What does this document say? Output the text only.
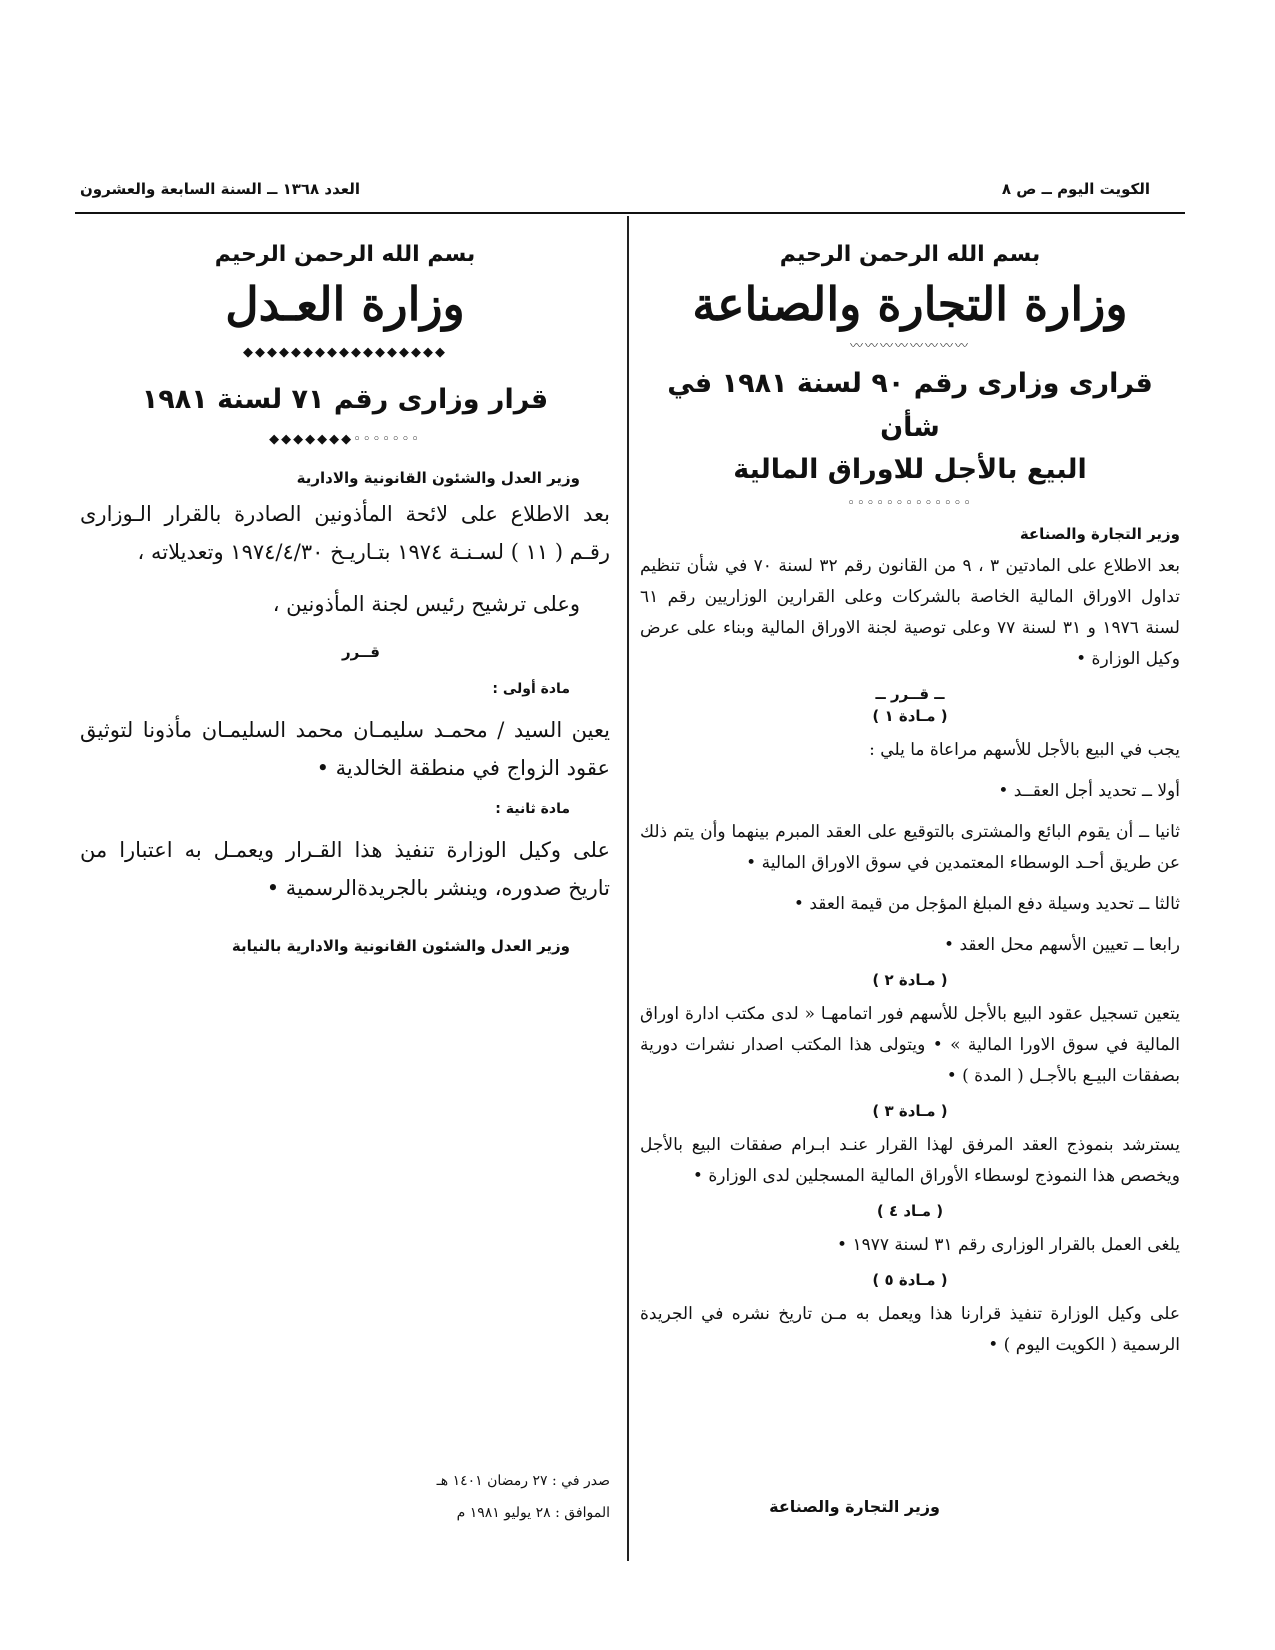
الكويت اليوم ــ ص ٨
العدد ١٣٦٨ ــ السنة السابعة والعشرون
بسم الله الرحمن الرحيم
وزارة التجارة والصناعة
〰〰〰〰〰〰〰〰
قراری وزاری رقم ٩٠ لسنة ١٩٨١ في شأن
البيع بالأجل للاوراق المالية
◦◦◦◦◦◦◦◦◦◦◦◦◦
وزير التجارة والصناعة
بعد الاطلاع على المادتين ٣ ، ٩ من القانون رقم ٣٢ لسنة ٧٠ في شأن تنظيم تداول الاوراق المالية الخاصة بالشركات وعلى القرارين الوزاريين رقم ٦١ لسنة ١٩٧٦ و ٣١ لسنة ٧٧ وعلى توصية لجنة الاوراق المالية وبناء على عرض وكيل الوزارة •
ــ قــرر ــ
( مـادة ١ )
يجب في البيع بالأجل للأسهم مراعاة ما يلي :
أولا ــ تحديد أجل العقــد •
ثانيا ــ أن يقوم البائع والمشترى بالتوقيع على العقد المبرم بينهما وأن يتم ذلك عن طريق أحـد الوسطاء المعتمدين في سوق الاوراق المالية •
ثالثا ــ تحديد وسيلة دفع المبلغ المؤجل من قيمة العقد •
رابعا ــ تعيين الأسهم محل العقد •
( مـادة ٢ )
يتعين تسجيل عقود البيع بالأجل للأسهم فور اتمامهـا « لدى مكتب ادارة اوراق المالية في سوق الاورا المالية » • ويتولى هذا المكتب اصدار نشرات دورية بصفقات البيـع بالأجـل ( المدة ) •
( مـادة ٣ )
يسترشد بنموذج العقد المرفق لهذا القرار عنـد ابـرام صفقات البيع بالأجل ويخصص هذا النموذج لوسطاء الأوراق المالية المسجلين لدى الوزارة •
( مـاد ٤ )
يلغى العمل بالقرار الوزارى رقم ٣١ لسنة ١٩٧٧ •
( مـادة ٥ )
على وكيل الوزارة تنفيذ قرارنا هذا ويعمل به مـن تاريخ نشره في الجريدة الرسمية ( الكويت اليوم ) •
وزير التجارة والصناعة
بسم الله الرحمن الرحيم
وزارة العـدل
◆◆◆◆◆◆◆◆◆◆◆◆◆◆◆◆◆
قرار وزارى رقم ٧١ لسنة ١٩٨١
◦◦◦◦◦◦◦◆◆◆◆◆◆◆
وزير العدل والشئون القانونية والادارية
بعد الاطلاع على لائحة المأذونين الصادرة بالقرار الـوزارى رقـم ( ١١ ) لسـنـة ١٩٧٤ بتـاريـخ ١٩٧٤/٤/٣٠ وتعديلاته ،
وعلى ترشيح رئيس لجنة المأذونين ،
قــرر
مادة أولى :
يعين السيد / محمـد سليمـان محمد السليمـان مأذونا لتوثيق عقود الزواج في منطقة الخالدية •
مادة ثانية :
على وكيل الوزارة تنفيذ هذا القـرار ويعمـل به اعتبارا من تاريخ صدوره، وينشر بالجريدةالرسمية •
وزير العدل والشئون القانونية والادارية بالنيابة
صدر في : ٢٧ رمضان ١٤٠١ هـ
الموافق : ٢٨ يوليو ١٩٨١ م
